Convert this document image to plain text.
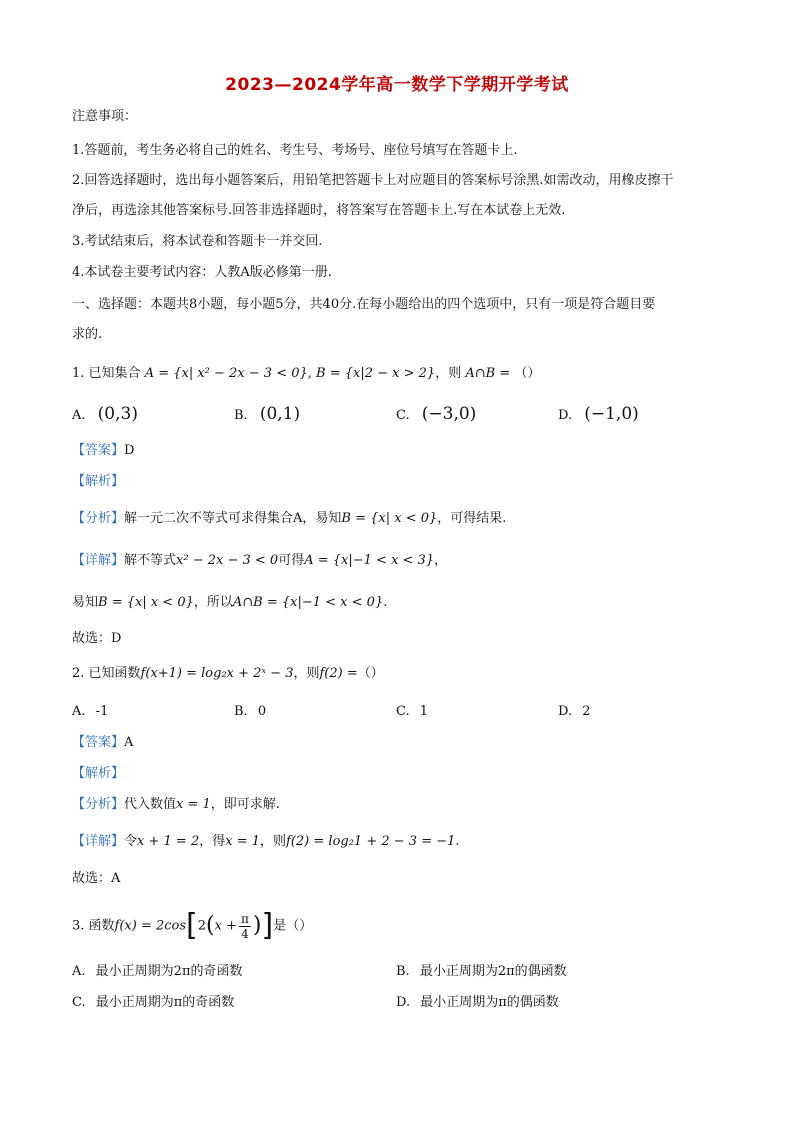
2023—2024学年高一数学下学期开学考试
注意事项：
1.答题前，考生务必将自己的姓名、考生号、考场号、座位号填写在答题卡上.
2.回答选择题时，选出每小题答案后，用铅笔把答题卡上对应题目的答案标号涂黑.如需改动，用橡皮擦干
净后，再选涂其他答案标号.回答非选择题时，将答案写在答题卡上.写在本试卷上无效.
3.考试结束后，将本试卷和答题卡一并交回.
4.本试卷主要考试内容：人教A版必修第一册.
一、选择题：本题共8小题，每小题5分，共40分.在每小题给出的四个选项中，只有一项是符合题目要
求的.
1. 已知集合 A = {x| x² − 2x − 3 < 0}, B = {x|2 − x > 2}，则 A∩B = （）
A. (0,3)	B. (0,1)	C. (−3,0)	D. (−1,0)
【答案】D
【解析】
【分析】解一元二次不等式可求得集合A，易知B = {x| x < 0}，可得结果.
【详解】解不等式x² − 2x − 3 < 0可得A = {x|−1 < x < 3}，
易知B = {x| x < 0}，所以A∩B = {x|−1 < x < 0}.
故选：D
2. 已知函数f(x+1) = log₂x + 2ˣ − 3，则f(2) =（）
A. -1	B. 0	C. 1	D. 2
【答案】A
【解析】
【分析】代入数值x = 1，即可求解.
【详解】令x + 1 = 2，得x = 1，则f(2) = log₂1 + 2 − 3 = −1.
故选：A
3. 函数$f(x) = 2\cos[2(x + \frac{\pi}{4}$ )]是（）
A. 最小正周期为2π的奇函数	B. 最小正周期为2π的偶函数
C. 最小正周期为π的奇函数	D. 最小正周期为π的偶函数
